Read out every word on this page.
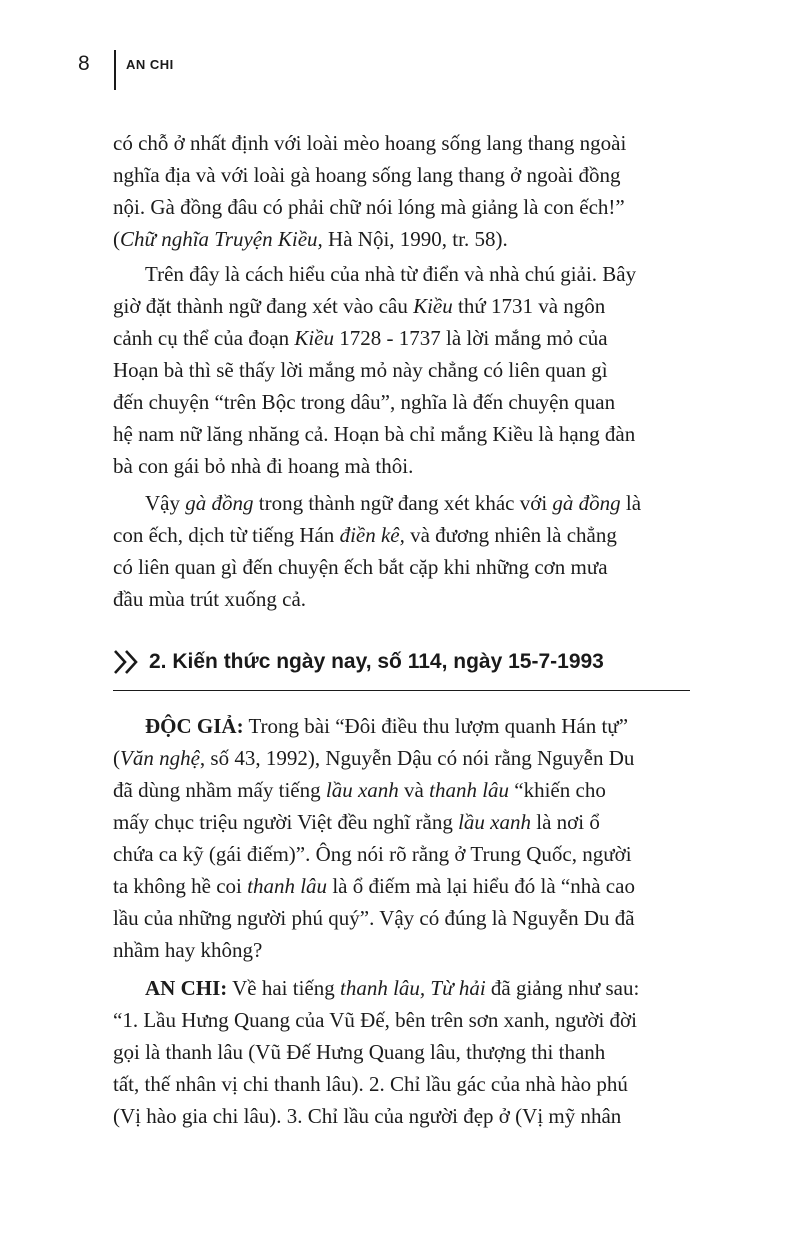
8	AN CHI

có chỗ ở nhất định với loài mèo hoang sống lang thang ngoài
nghĩa địa và với loài gà hoang sống lang thang ở ngoài đồng
nội. Gà đồng đâu có phải chữ nói lóng mà giảng là con ếch!”
(Chữ nghĩa Truyện Kiều, Hà Nội, 1990, tr. 58).

Trên đây là cách hiểu của nhà từ điển và nhà chú giải. Bây
giờ đặt thành ngữ đang xét vào câu Kiều thứ 1731 và ngôn
cảnh cụ thể của đoạn Kiều 1728 - 1737 là lời mắng mỏ của
Hoạn bà thì sẽ thấy lời mắng mỏ này chẳng có liên quan gì
đến chuyện “trên Bộc trong dâu”, nghĩa là đến chuyện quan
hệ nam nữ lăng nhăng cả. Hoạn bà chỉ mắng Kiều là hạng đàn
bà con gái bỏ nhà đi hoang mà thôi.

Vậy gà đồng trong thành ngữ đang xét khác với gà đồng là
con ếch, dịch từ tiếng Hán điền kê, và đương nhiên là chẳng
có liên quan gì đến chuyện ếch bắt cặp khi những cơn mưa
đầu mùa trút xuống cả.

2. Kiến thức ngày nay, số 114, ngày 15-7-1993

ĐỘC GIẢ: Trong bài “Đôi điều thu lượm quanh Hán tự”
(Văn nghệ, số 43, 1992), Nguyễn Dậu có nói rằng Nguyễn Du
đã dùng nhầm mấy tiếng lầu xanh và thanh lâu “khiến cho
mấy chục triệu người Việt đều nghĩ rằng lầu xanh là nơi ổ
chứa ca kỹ (gái điếm)”. Ông nói rõ rằng ở Trung Quốc, người
ta không hề coi thanh lâu là ổ điếm mà lại hiểu đó là “nhà cao
lầu của những người phú quý”. Vậy có đúng là Nguyễn Du đã
nhầm hay không?

AN CHI: Về hai tiếng thanh lâu, Từ hải đã giảng như sau:
“1. Lầu Hưng Quang của Vũ Đế, bên trên sơn xanh, người đời
gọi là thanh lâu (Vũ Đế Hưng Quang lâu, thượng thi thanh
tất, thế nhân vị chi thanh lâu). 2. Chỉ lầu gác của nhà hào phú
(Vị hào gia chi lâu). 3. Chỉ lầu của người đẹp ở (Vị mỹ nhân
